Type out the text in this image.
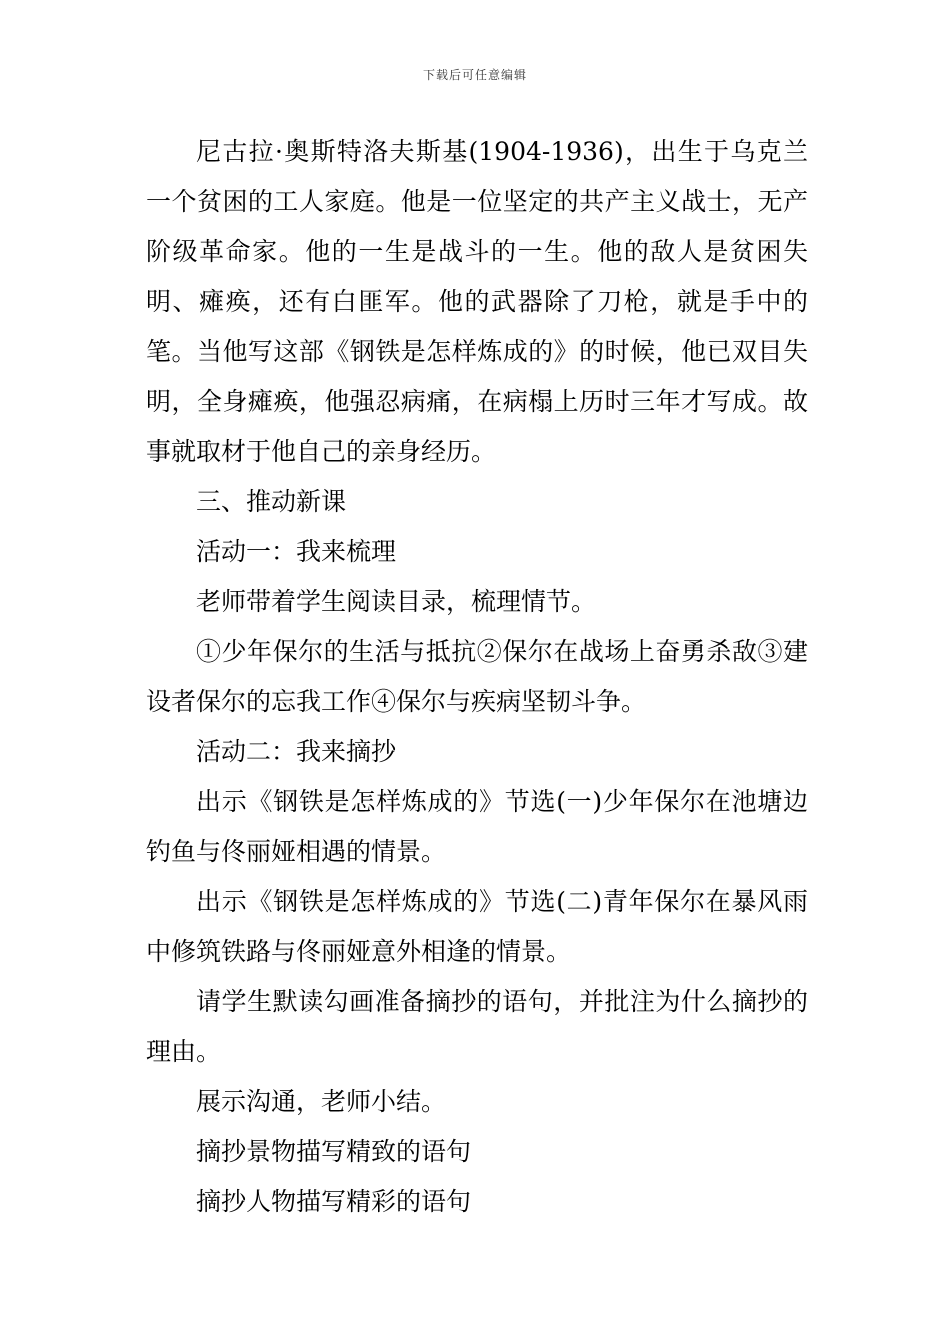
下载后可任意编辑

尼古拉·奥斯特洛夫斯基(1904-1936)，出生于乌克兰一个贫困的工人家庭。他是一位坚定的共产主义战士，无产阶级革命家。他的一生是战斗的一生。他的敌人是贫困失明、瘫痪，还有白匪军。他的武器除了刀枪，就是手中的笔。当他写这部《钢铁是怎样炼成的》的时候，他已双目失明，全身瘫痪，他强忍病痛，在病榻上历时三年才写成。故事就取材于他自己的亲身经历。

三、推动新课

活动一：我来梳理

老师带着学生阅读目录，梳理情节。

①少年保尔的生活与抵抗②保尔在战场上奋勇杀敌③建设者保尔的忘我工作④保尔与疾病坚韧斗争。

活动二：我来摘抄

出示《钢铁是怎样炼成的》节选(一)少年保尔在池塘边钓鱼与佟丽娅相遇的情景。

出示《钢铁是怎样炼成的》节选(二)青年保尔在暴风雨中修筑铁路与佟丽娅意外相逢的情景。

请学生默读勾画准备摘抄的语句，并批注为什么摘抄的理由。

展示沟通，老师小结。

摘抄景物描写精致的语句

摘抄人物描写精彩的语句
